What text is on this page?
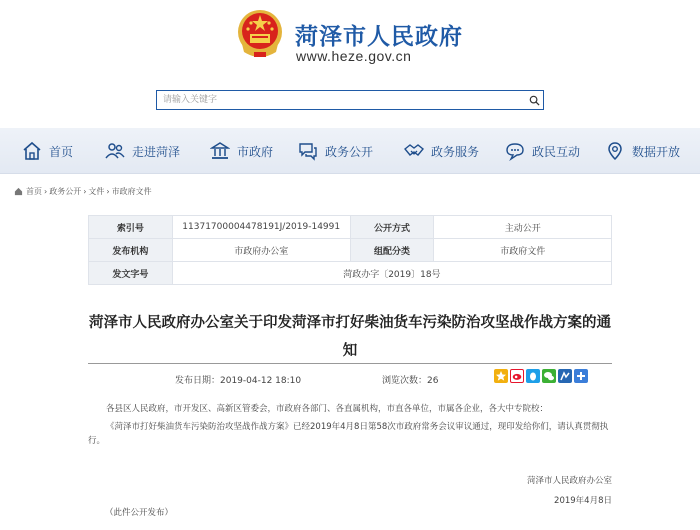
菏泽市人民政府
www.heze.gov.cn
请输入关键字
首页	走进菏泽	市政府	政务公开	政务服务	政民互动	数据开放
首页 › 政务公开 › 文件 › 市政府文件
索引号	11371700004478191J/2019-14991	公开方式	主动公开
发布机构	市政府办公室	组配分类	市政府文件
发文字号	菏政办字〔2019〕18号		
菏泽市人民政府办公室关于印发菏泽市打好柴油货车污染防治攻坚战作战方案的通知
发布日期：2019-04-12 18:10	浏览次数：26
各县区人民政府，市开发区、高新区管委会，市政府各部门、各直属机构，市直各单位，市属各企业，各大中专院校：
《菏泽市打好柴油货车污染防治攻坚战作战方案》已经2019年4月8日第58次市政府常务会议审议通过，现印发给你们，请认真贯彻执行。
菏泽市人民政府办公室
2019年4月8日
（此件公开发布）
